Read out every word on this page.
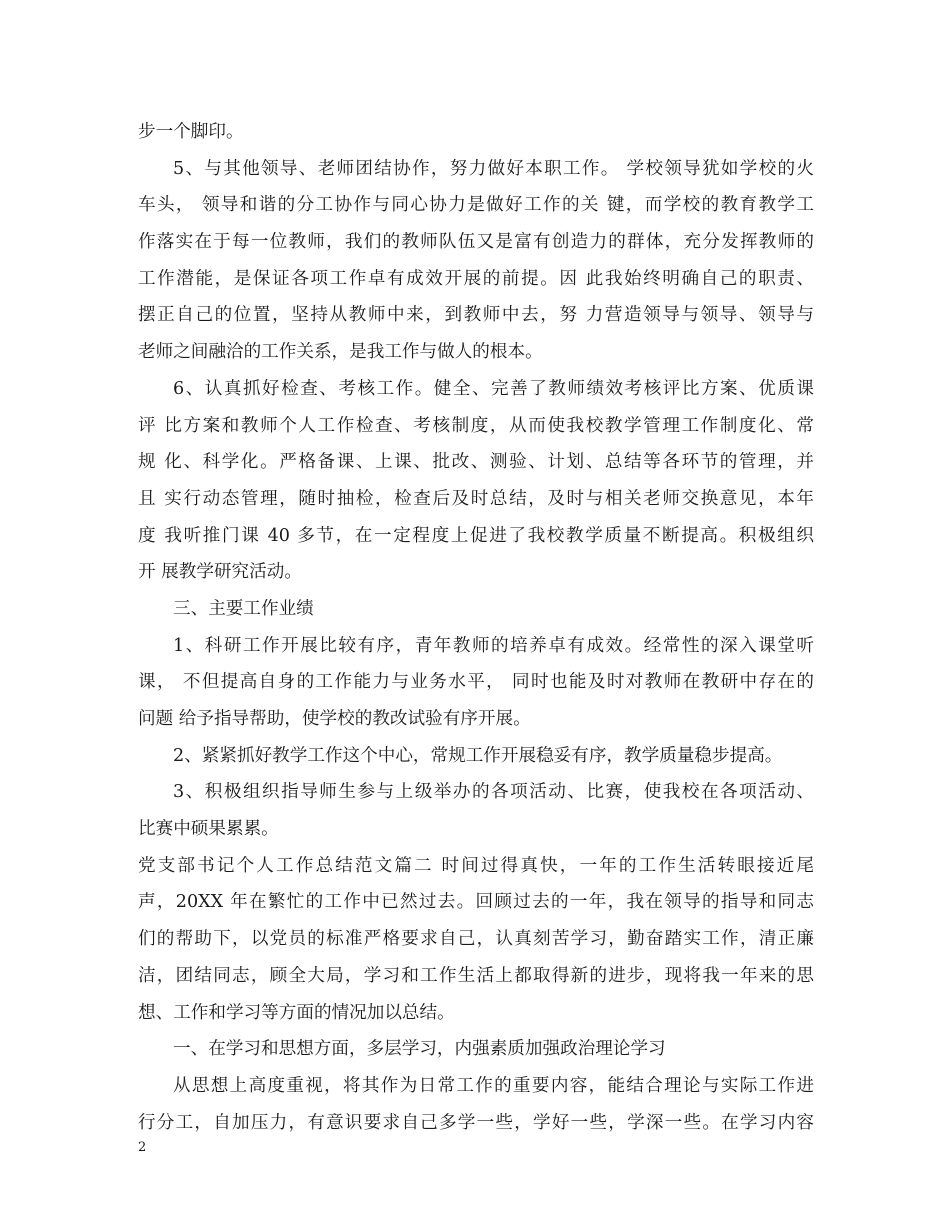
步一个脚印。
5、与其他领导、老师团结协作，努力做好本职工作。 学校领导犹如学校的火
车头， 领导和谐的分工协作与同心协力是做好工作的关 键，而学校的教育教学工
作落实在于每一位教师，我们的教师队伍又是富有创造力的群体，充分发挥教师的
工作潜能，是保证各项工作卓有成效开展的前提。因 此我始终明确自己的职责、
摆正自己的位置，坚持从教师中来，到教师中去，努 力营造领导与领导、领导与
老师之间融洽的工作关系，是我工作与做人的根本。
6、认真抓好检查、考核工作。健全、完善了教师绩效考核评比方案、优质课
评 比方案和教师个人工作检查、考核制度，从而使我校教学管理工作制度化、常
规 化、科学化。严格备课、上课、批改、测验、计划、总结等各环节的管理，并
且 实行动态管理，随时抽检，检查后及时总结，及时与相关老师交换意见，本年
度 我听推门课 40 多节，在一定程度上促进了我校教学质量不断提高。积极组织
开 展教学研究活动。
三、主要工作业绩
1、科研工作开展比较有序，青年教师的培养卓有成效。经常性的深入课堂听
课， 不但提高自身的工作能力与业务水平， 同时也能及时对教师在教研中存在的
问题 给予指导帮助，使学校的教改试验有序开展。
2、紧紧抓好教学工作这个中心，常规工作开展稳妥有序，教学质量稳步提高。
3、积极组织指导师生参与上级举办的各项活动、比赛，使我校在各项活动、
比赛中硕果累累。
党支部书记个人工作总结范文篇二 时间过得真快，一年的工作生活转眼接近尾
声，20XX 年在繁忙的工作中已然过去。回顾过去的一年，我在领导的指导和同志
们的帮助下，以党员的标准严格要求自己，认真刻苦学习，勤奋踏实工作，清正廉
洁，团结同志，顾全大局，学习和工作生活上都取得新的进步，现将我一年来的思
想、工作和学习等方面的情况加以总结。
一、在学习和思想方面，多层学习，内强素质加强政治理论学习
从思想上高度重视，将其作为日常工作的重要内容，能结合理论与实际工作进
行分工，自加压力，有意识要求自己多学一些，学好一些，学深一些。在学习内容
2
